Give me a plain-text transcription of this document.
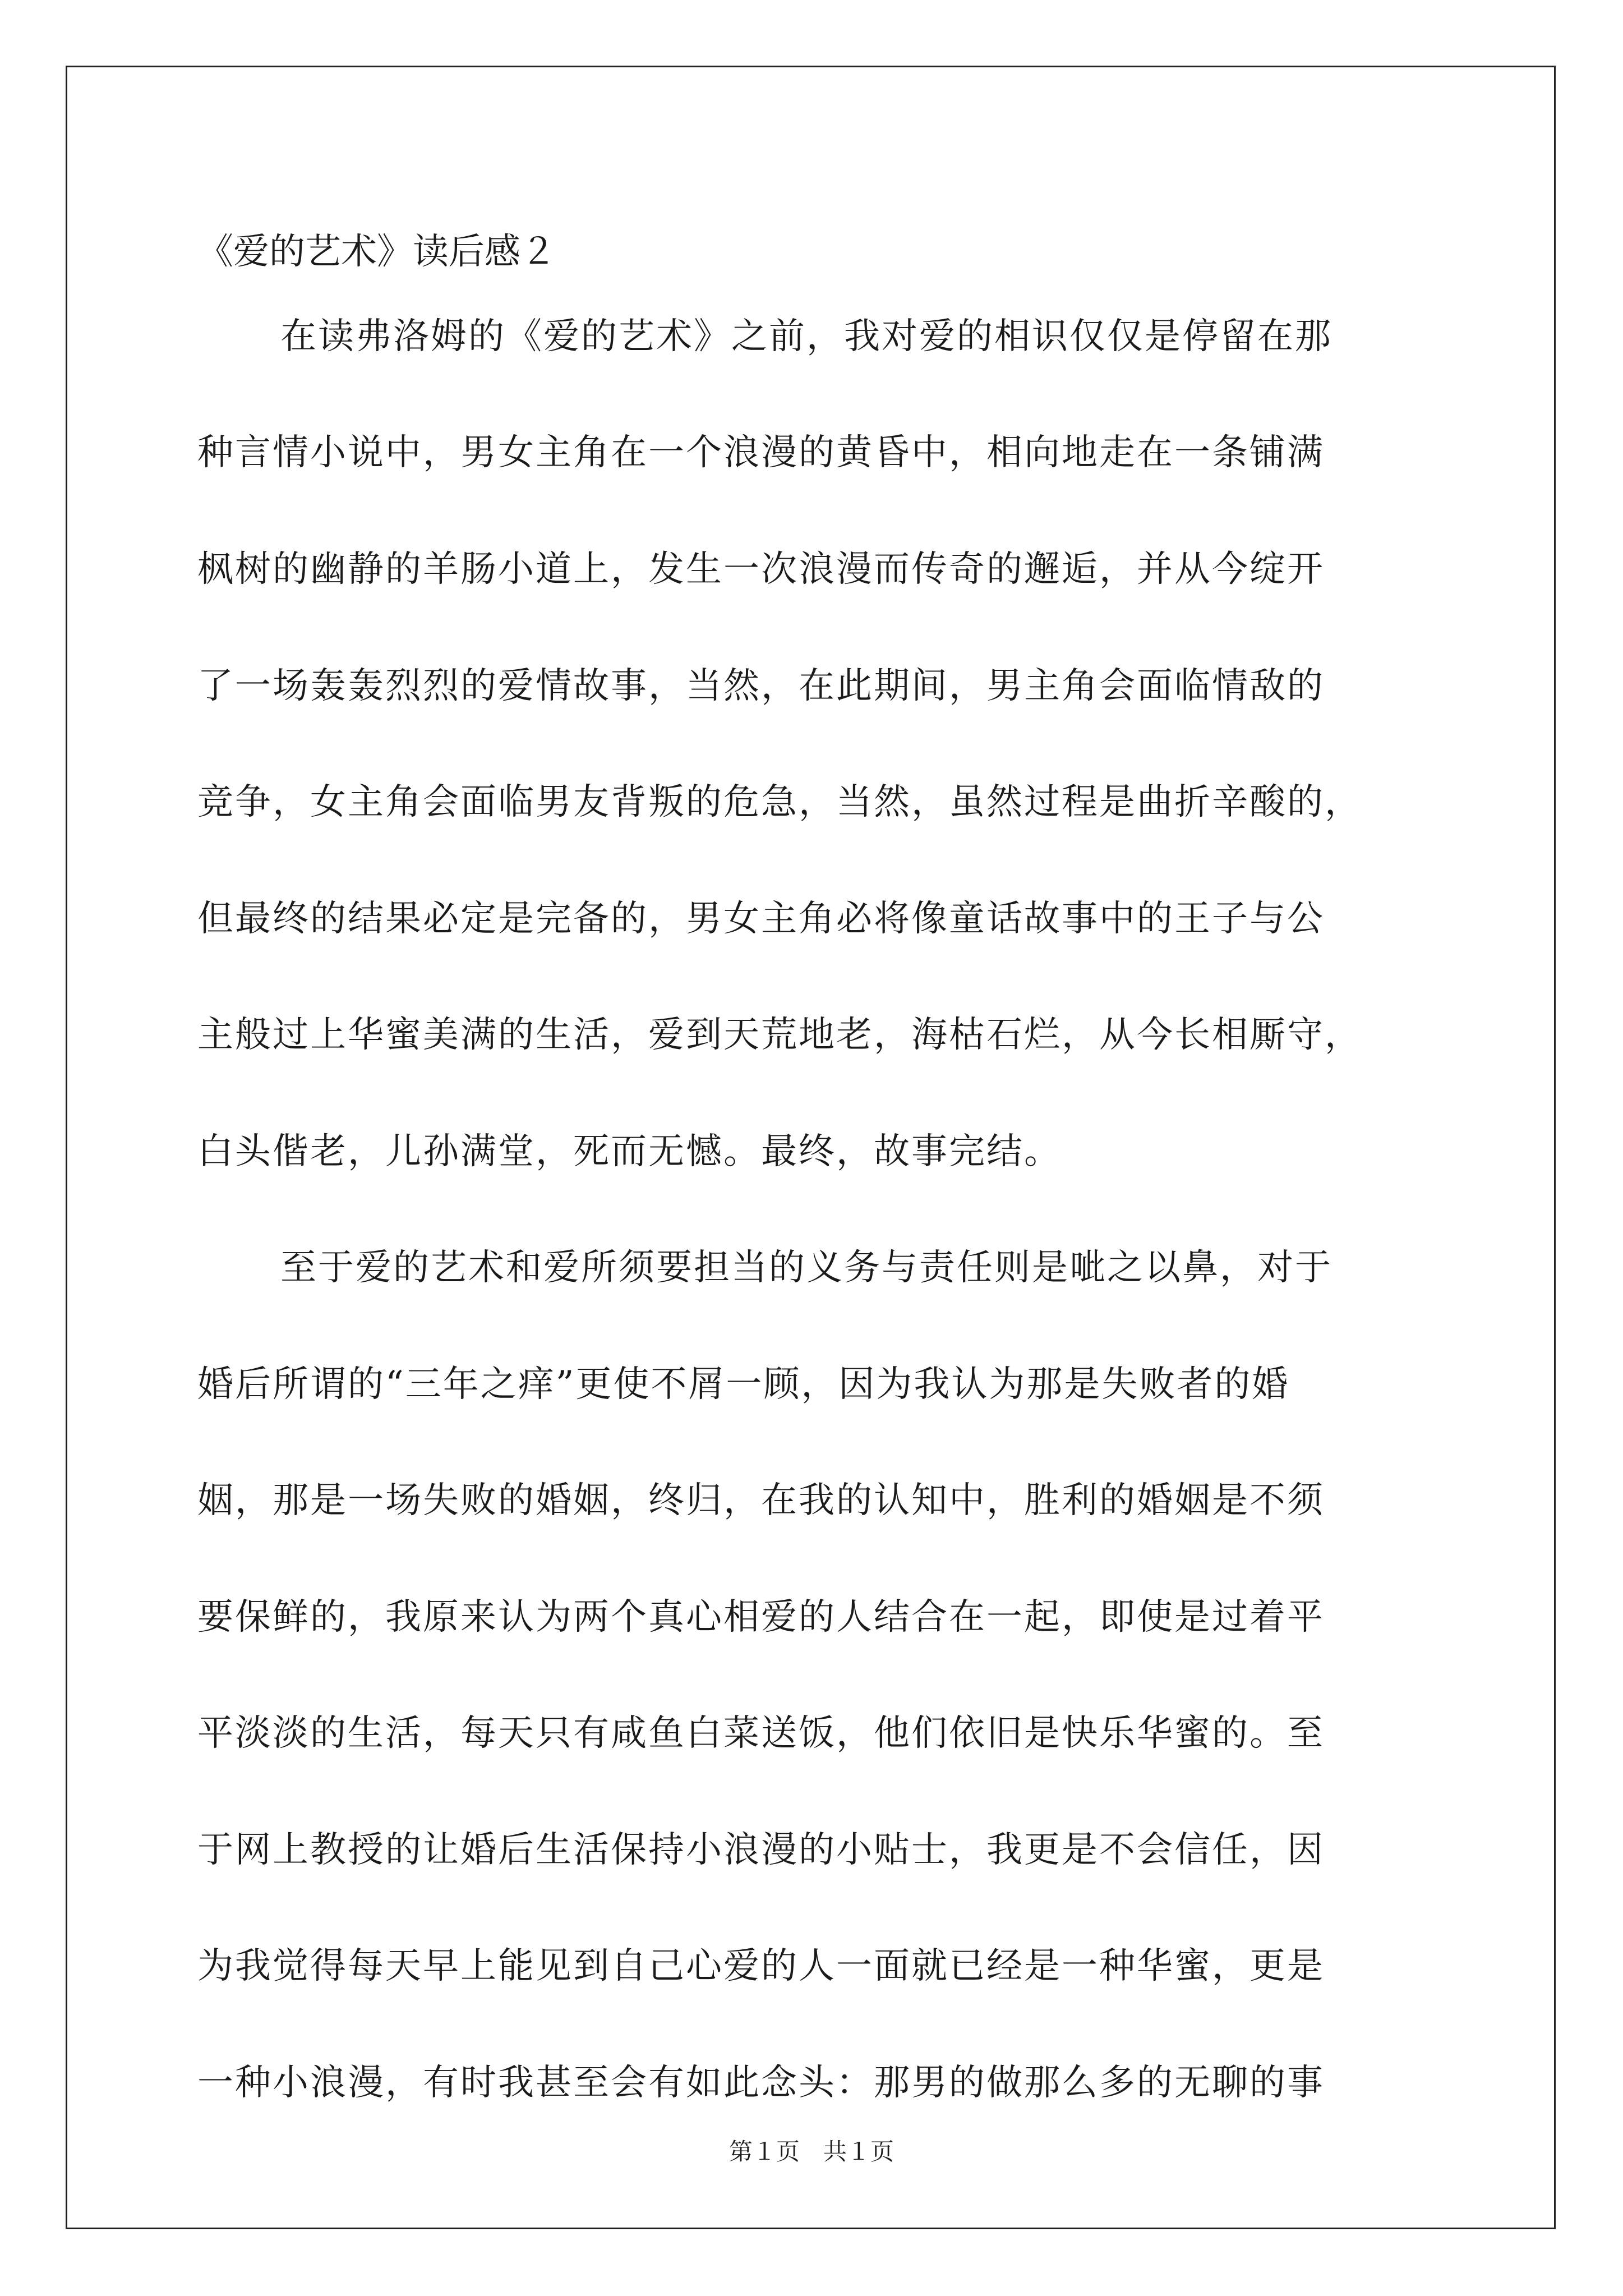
《爱的艺术》读后感２
在读弗洛姆的《爱的艺术》之前，我对爱的相识仅仅是停留在那
种言情小说中，男女主角在一个浪漫的黄昏中，相向地走在一条铺满
枫树的幽静的羊肠小道上，发生一次浪漫而传奇的邂逅，并从今绽开
了一场轰轰烈烈的爱情故事，当然，在此期间，男主角会面临情敌的
竞争，女主角会面临男友背叛的危急，当然，虽然过程是曲折辛酸的，
但最终的结果必定是完备的，男女主角必将像童话故事中的王子与公
主般过上华蜜美满的生活，爱到天荒地老，海枯石烂，从今长相厮守，
白头偕老，儿孙满堂，死而无憾。最终，故事完结。
至于爱的艺术和爱所须要担当的义务与责任则是呲之以鼻，对于
婚后所谓的“三年之痒”更使不屑一顾，因为我认为那是失败者的婚
姻，那是一场失败的婚姻，终归，在我的认知中，胜利的婚姻是不须
要保鲜的，我原来认为两个真心相爱的人结合在一起，即使是过着平
平淡淡的生活，每天只有咸鱼白菜送饭，他们依旧是快乐华蜜的。至
于网上教授的让婚后生活保持小浪漫的小贴士，我更是不会信任，因
为我觉得每天早上能见到自己心爱的人一面就已经是一种华蜜，更是
一种小浪漫，有时我甚至会有如此念头：那男的做那么多的无聊的事
第１页　共１页
